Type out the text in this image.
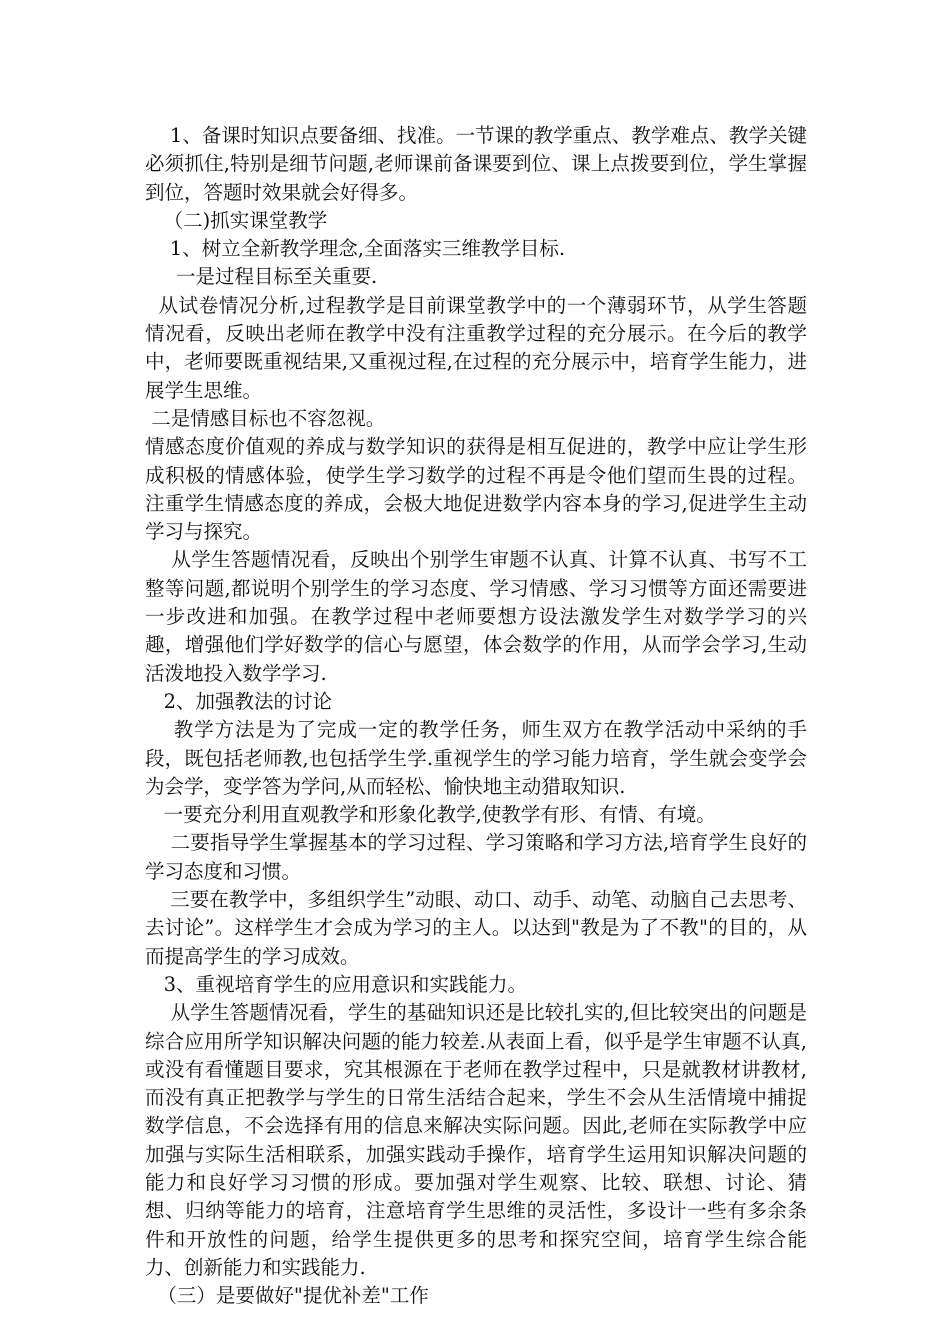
1、备课时知识点要备细、找准。一节课的教学重点、教学难点、教学关键必须抓住,特别是细节问题,老师课前备课要到位、课上点拨要到位，学生掌握到位，答题时效果就会好得多。

（二)抓实课堂教学

1、树立全新教学理念,全面落实三维教学目标.

一是过程目标至关重要.

从试卷情况分析,过程教学是目前课堂教学中的一个薄弱环节，从学生答题情况看，反映出老师在教学中没有注重教学过程的充分展示。在今后的教学中，老师要既重视结果,又重视过程,在过程的充分展示中，培育学生能力，进展学生思维。

二是情感目标也不容忽视。

情感态度价值观的养成与数学知识的获得是相互促进的，教学中应让学生形成积极的情感体验，使学生学习数学的过程不再是令他们望而生畏的过程。注重学生情感态度的养成，会极大地促进数学内容本身的学习,促进学生主动学习与探究。

从学生答题情况看，反映出个别学生审题不认真、计算不认真、书写不工整等问题,都说明个别学生的学习态度、学习情感、学习习惯等方面还需要进一步改进和加强。在教学过程中老师要想方设法激发学生对数学学习的兴趣，增强他们学好数学的信心与愿望，体会数学的作用，从而学会学习,生动活泼地投入数学学习.

2、加强教法的讨论

教学方法是为了完成一定的教学任务，师生双方在教学活动中采纳的手段，既包括老师教,也包括学生学.重视学生的学习能力培育，学生就会变学会为会学，变学答为学问,从而轻松、愉快地主动猎取知识.

一要充分利用直观教学和形象化教学,使教学有形、有情、有境。

二要指导学生掌握基本的学习过程、学习策略和学习方法,培育学生良好的学习态度和习惯。

三要在教学中，多组织学生”动眼、动口、动手、动笔、动脑自己去思考、去讨论”。这样学生才会成为学习的主人。以达到"教是为了不教"的目的，从而提高学生的学习成效。

3、重视培育学生的应用意识和实践能力。

从学生答题情况看，学生的基础知识还是比较扎实的,但比较突出的问题是综合应用所学知识解决问题的能力较差.从表面上看，似乎是学生审题不认真,或没有看懂题目要求，究其根源在于老师在教学过程中，只是就教材讲教材,而没有真正把教学与学生的日常生活结合起来，学生不会从生活情境中捕捉数学信息，不会选择有用的信息来解决实际问题。因此,老师在实际教学中应加强与实际生活相联系，加强实践动手操作，培育学生运用知识解决问题的能力和良好学习习惯的形成。要加强对学生观察、比较、联想、讨论、猜想、归纳等能力的培育，注意培育学生思维的灵活性，多设计一些有多余条件和开放性的问题，给学生提供更多的思考和探究空间，培育学生综合能力、创新能力和实践能力.

（三）是要做好"提优补差"工作
